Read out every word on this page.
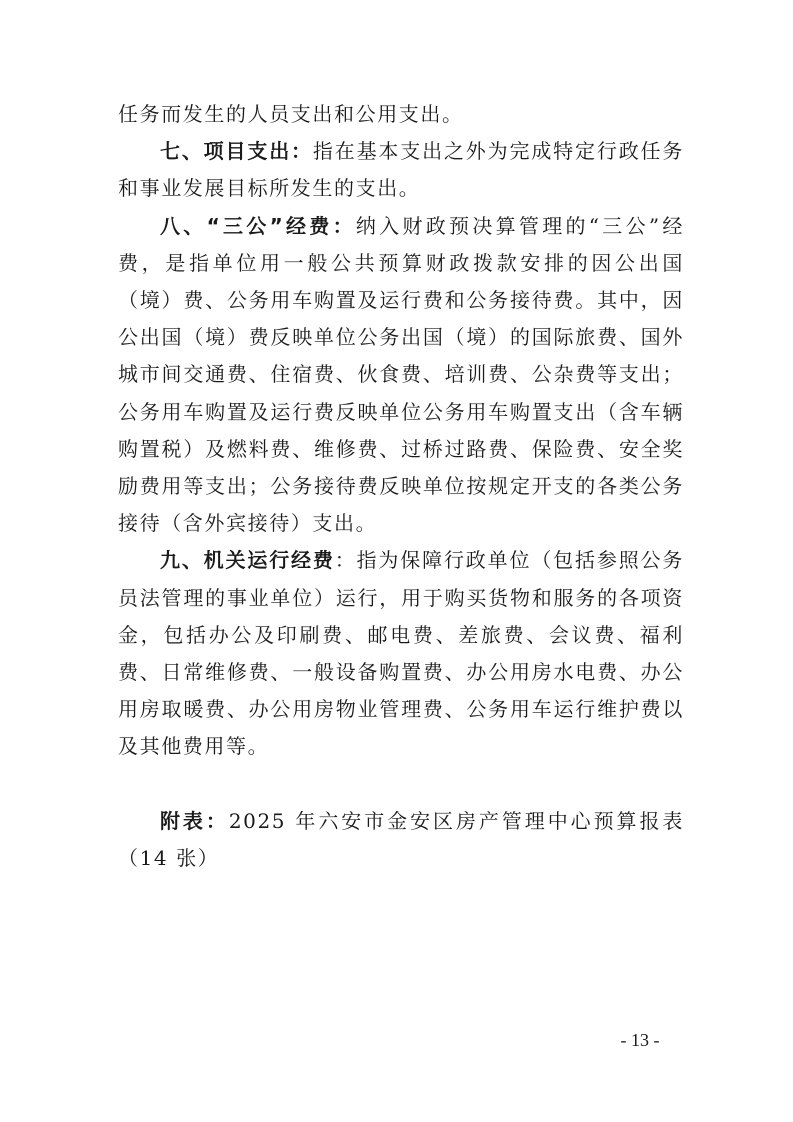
任务而发生的人员支出和公用支出。

七、项目支出：指在基本支出之外为完成特定行政任务和事业发展目标所发生的支出。

八、“三公”经费：纳入财政预决算管理的“三公”经费，是指单位用一般公共预算财政拨款安排的因公出国（境）费、公务用车购置及运行费和公务接待费。其中，因公出国（境）费反映单位公务出国（境）的国际旅费、国外城市间交通费、住宿费、伙食费、培训费、公杂费等支出；公务用车购置及运行费反映单位公务用车购置支出（含车辆购置税）及燃料费、维修费、过桥过路费、保险费、安全奖励费用等支出；公务接待费反映单位按规定开支的各类公务接待（含外宾接待）支出。

九、机关运行经费：指为保障行政单位（包括参照公务员法管理的事业单位）运行，用于购买货物和服务的各项资金，包括办公及印刷费、邮电费、差旅费、会议费、福利费、日常维修费、一般设备购置费、办公用房水电费、办公用房取暖费、办公用房物业管理费、公务用车运行维护费以及其他费用等。

附表：2025 年六安市金安区房产管理中心预算报表（14 张）

- 13 -
